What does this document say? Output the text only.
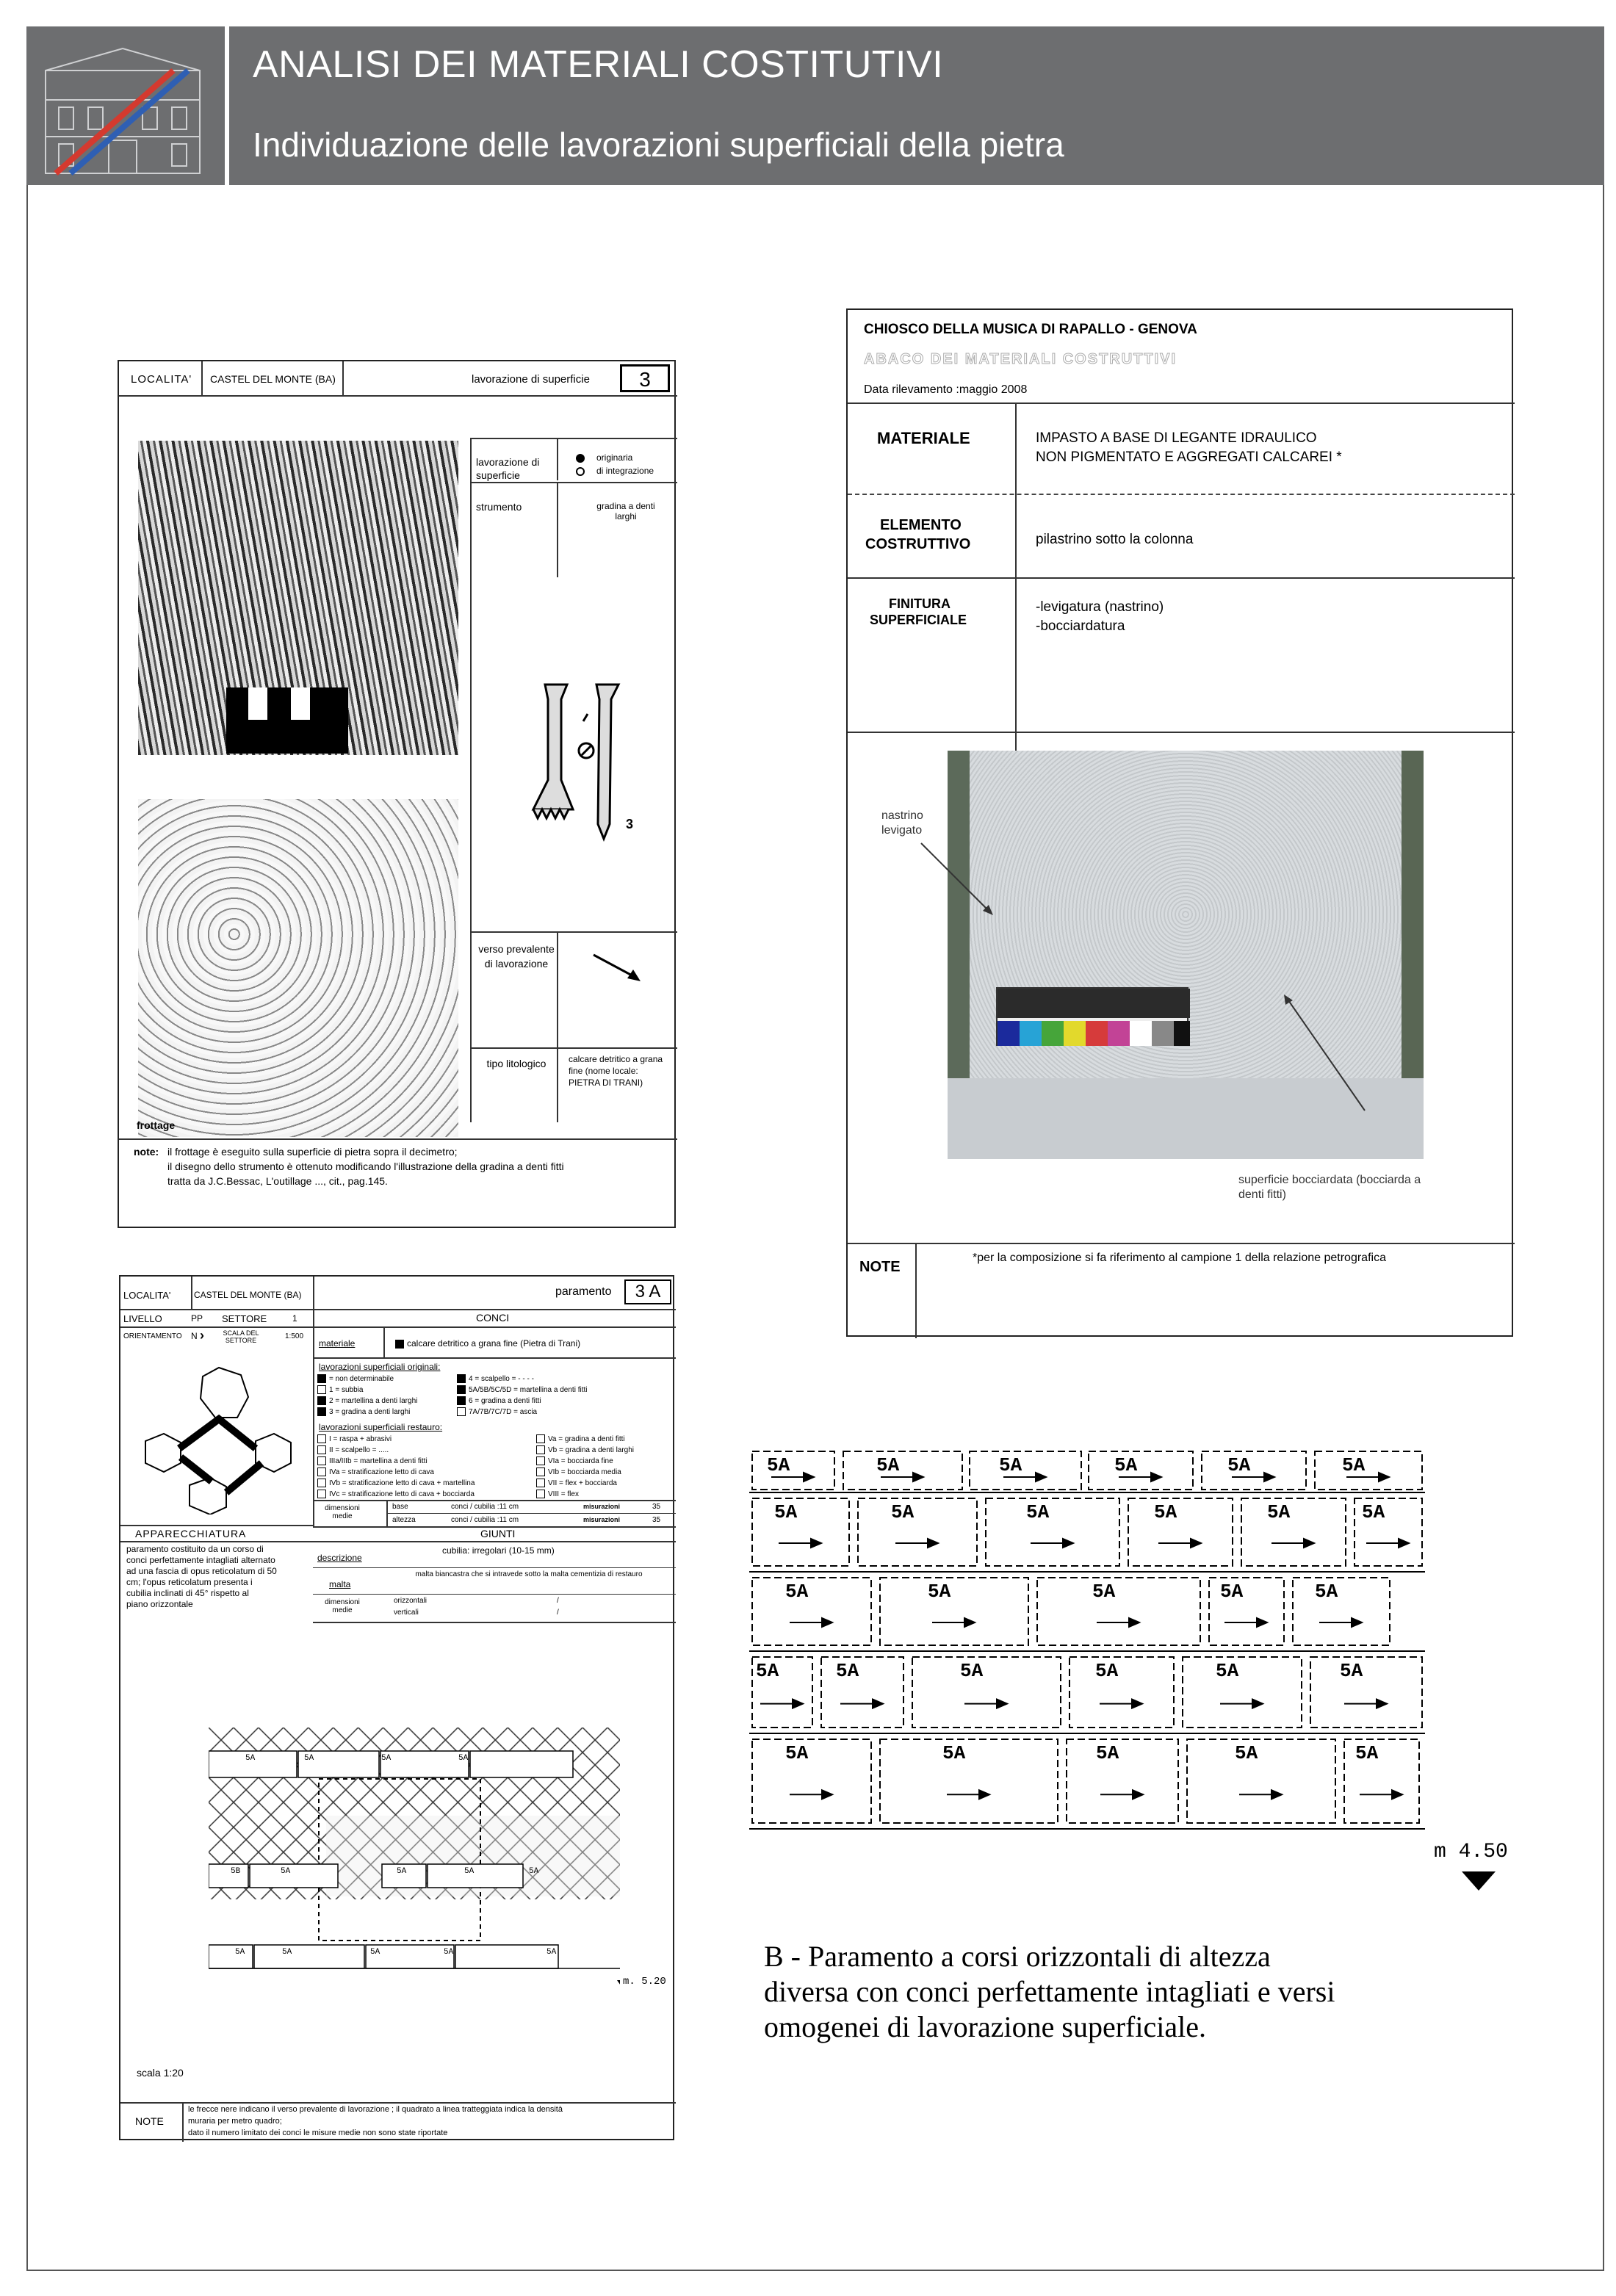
ANALISI DEI MATERIALI COSTITUTIVI
Individuazione delle lavorazioni superficiali della pietra
LOCALITA' CASTEL DEL MONTE (BA)	lavorazione di superficie	3
frottage
lavorazione di superficie
originaria
di integrazione
strumento	gradina a denti larghi
3
verso prevalente di lavorazione
tipo litologico	calcare detritico a grana fine (nome locale: PIETRA DI TRANI)
note: il frottage è eseguito sulla superficie di pietra sopra il decimetro;
il disegno dello strumento è ottenuto modificando l'illustrazione della gradina a denti fitti
tratta da J.C.Bessac, L'outillage ..., cit., pag.145.
CHIOSCO DELLA MUSICA DI RAPALLO - GENOVA
ABACO DEI MATERIALI COSTRUTTIVI
Data rilevamento :maggio 2008
MATERIALE	IMPASTO A BASE DI LEGANTE IDRAULICO
NON PIGMENTATO E AGGREGATI CALCAREI *
ELEMENTO
COSTRUTTIVO	pilastrino sotto la colonna
FINITURA
SUPERFICIALE
-levigatura (nastrino)
-bocciardatura
nastrino
levigato
superficie bocciardata (bocciarda a
denti fitti)
NOTE
*per la composizione si fa riferimento al campione 1 della relazione petrografica
LOCALITA'	CASTEL DEL MONTE (BA)	paramento	3 A
LIVELLO	PP SETTORE	1
ORIENTAMENTO N ›	SCALA DEL SETTORE	1:500
APPARECCHIATURA
paramento costituito da un corso di
conci perfettamente intagliati alternato
ad una fascia di opus reticolatum di 50
cm; l'opus reticolatum presenta i
cubilia inclinati di 45° rispetto al
piano orizzontale
CONCI
materiale	calcare detritico a grana fine (Pietra di Trani)
lavorazioni superficiali originali:
= non determinabile
1 = subbia
2 = martellina a denti larghi
3 = gradina a denti larghi
4 = scalpello = - - - -
5A/5B/5C/5D = martellina a denti fitti
6 = gradina a denti fitti
7A/7B/7C/7D = ascia
lavorazioni superficiali restauro:
I = raspa + abrasivi
II = scalpello = .....
IIIa/IIIb = martellina a denti fitti
IVa = stratificazione letto di cava
IVb = stratificazione letto di cava + martellina
IVc = stratificazione letto di cava + bocciarda
Va = gradina a denti fitti
Vb = gradina a denti larghi
VIa = bocciarda fine
VIb = bocciarda media
VII = flex + bocciarda
VIII = flex
dimensioni medie
base	conci / cubilia :11 cm	misurazioni	35
altezza	conci / cubilia :11 cm	misurazioni	35
GIUNTI
descrizione
cubilia: irregolari (10-15 mm)
malta
malta biancastra che si intravede sotto la malta cementizia di restauro
dimensioni medie
orizzontali	/
verticali	/
5A	5A	5A	5A
5B	5A	5A	5A	5A
5A	5A	5A	5A	5A
m. 5.20
scala 1:20
NOTE
le frecce nere indicano il verso prevalente di lavorazione ; il quadrato a linea tratteggiata indica la densità
muraria per metro quadro;
dato il numero limitato dei conci le misure medie non sono state riportate
5A	5A	5A	5A	5A	5A
5A	5A	5A	5A	5A	5A
5A	5A	5A	5A	5A
5A	5A	5A	5A	5A	5A
5A	5A	5A	5A	5A
m 4.50
B - Paramento a corsi orizzontali di altezza
diversa con conci perfettamente intagliati e versi
omogenei di lavorazione superficiale.
